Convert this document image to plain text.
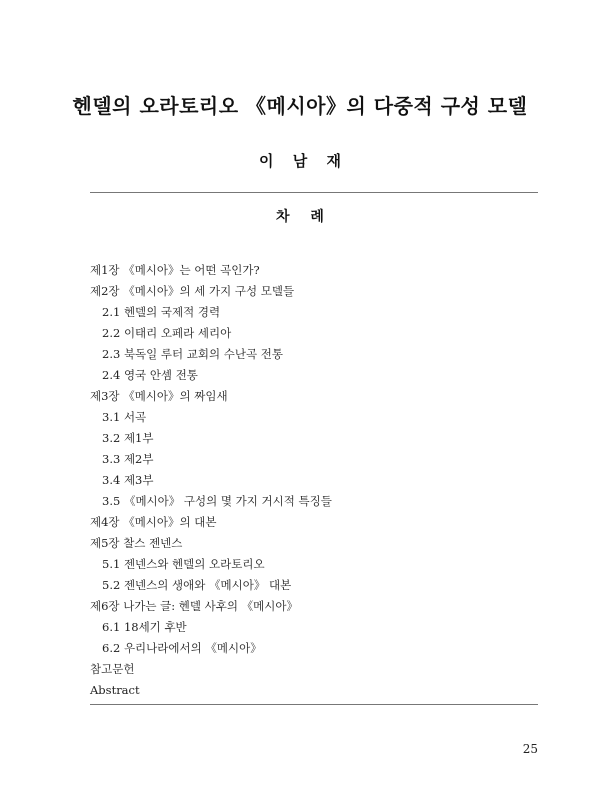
헨델의 오라토리오 《메시아》의 다중적 구성 모델
이 남 재
차 례
제1장 《메시아》는 어떤 곡인가?
제2장 《메시아》의 세 가지 구성 모델들
2.1 헨델의 국제적 경력
2.2 이태리 오페라 세리아
2.3 북독일 루터 교회의 수난곡 전통
2.4 영국 안셈 전통
제3장 《메시아》의 짜임새
3.1 서곡
3.2 제1부
3.3 제2부
3.4 제3부
3.5 《메시아》 구성의 몇 가지 거시적 특징들
제4장 《메시아》의 대본
제5장 찰스 젠넨스
5.1 젠넨스와 헨델의 오라토리오
5.2 젠넨스의 생애와 《메시아》 대본
제6장 나가는 글: 헨델 사후의 《메시아》
6.1 18세기 후반
6.2 우리나라에서의 《메시아》
참고문헌
Abstract
25
